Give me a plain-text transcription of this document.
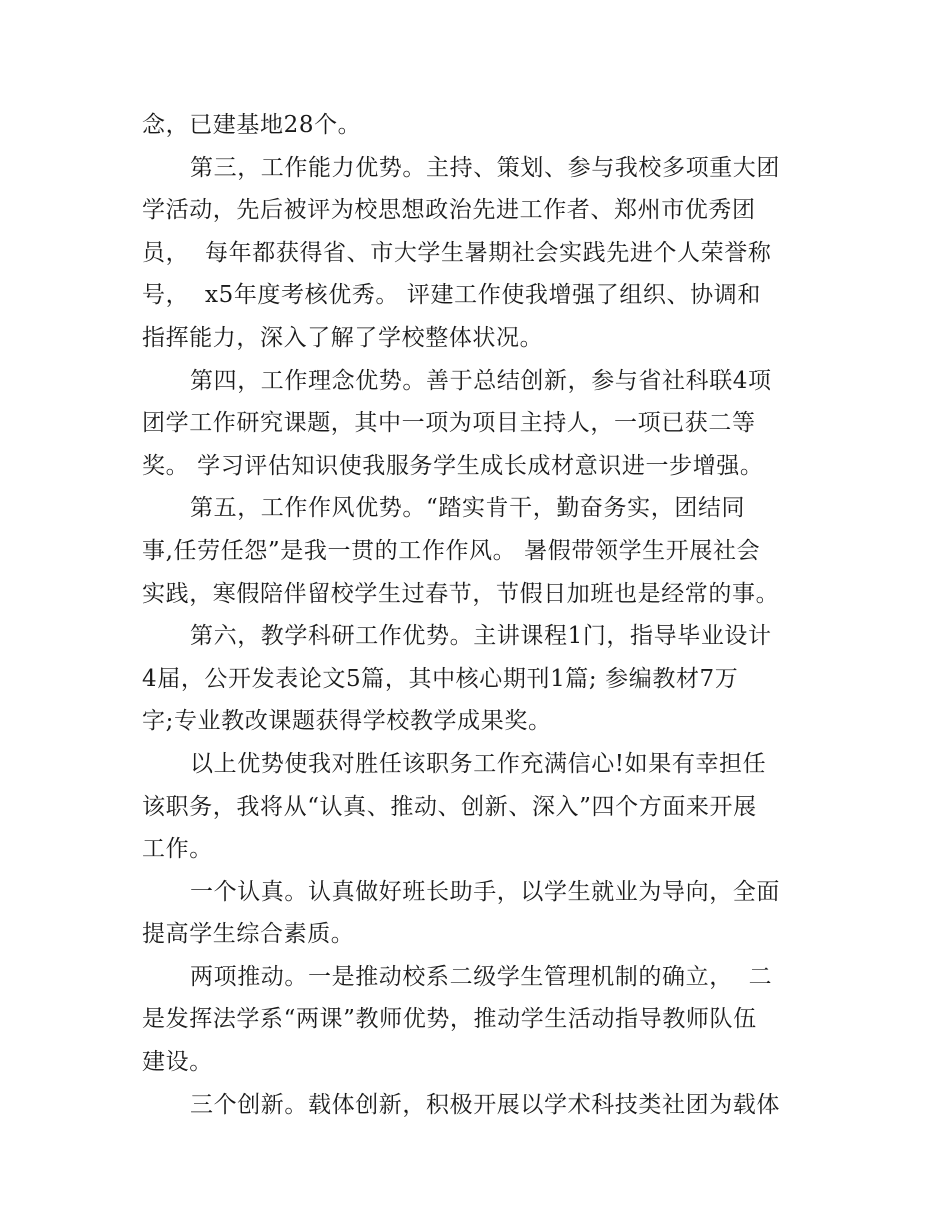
念，已建基地28个。
第三，工作能力优势。主持、策划、参与我校多项重大团
学活动，先后被评为校思想政治先进工作者、郑州市优秀团
员，  每年都获得省、市大学生暑期社会实践先进个人荣誉称
号，  x5年度考核优秀。 评建工作使我增强了组织、协调和
指挥能力，深入了解了学校整体状况。
第四，工作理念优势。善于总结创新，参与省社科联4项
团学工作研究课题，其中一项为项目主持人，一项已获二等
奖。 学习评估知识使我服务学生成长成材意识进一步增强。
第五，工作作风优势。“踏实肯干，勤奋务实，团结同
事,任劳任怨”是我一贯的工作作风。 暑假带领学生开展社会
实践，寒假陪伴留校学生过春节，节假日加班也是经常的事。
第六，教学科研工作优势。主讲课程1门，指导毕业设计
4届，公开发表论文5篇，其中核心期刊1篇; 参编教材7万
字;专业教改课题获得学校教学成果奖。
以上优势使我对胜任该职务工作充满信心!如果有幸担任
该职务，我将从“认真、推动、创新、深入”四个方面来开展
工作。
一个认真。认真做好班长助手，以学生就业为导向，全面
提高学生综合素质。
两项推动。一是推动校系二级学生管理机制的确立，  二
是发挥法学系“两课”教师优势，推动学生活动指导教师队伍
建设。
三个创新。载体创新，积极开展以学术科技类社团为载体
